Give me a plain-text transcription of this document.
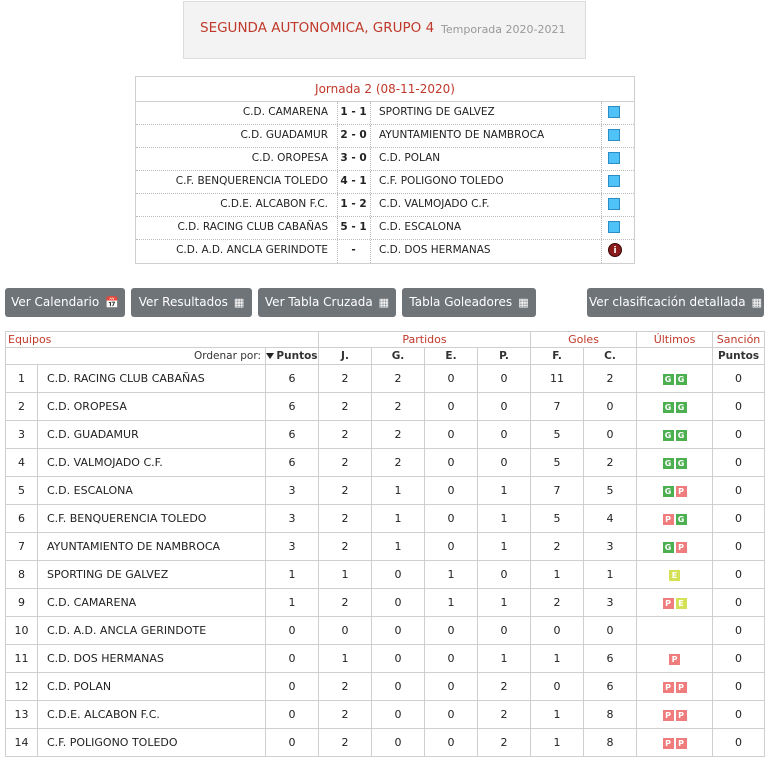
SEGUNDA AUTONOMICA, GRUPO 4 Temporada 2020-2021
Jornada 2 (08-11-2020)
C.D. CAMARENA	1 - 1	SPORTING DE GALVEZ
C.D. GUADAMUR	2 - 0	AYUNTAMIENTO DE NAMBROCA
C.D. OROPESA	3 - 0	C.D. POLAN
C.F. BENQUERENCIA TOLEDO	4 - 1	C.F. POLIGONO TOLEDO
C.D.E. ALCABON F.C.	1 - 2	C.D. VALMOJADO C.F.
C.D. RACING CLUB CABAÑAS	5 - 1	C.D. ESCALONA
C.D. A.D. ANCLA GERINDOTE	-	C.D. DOS HERMANAS	i
Ver Calendario 📅	Ver Resultados ▦	Ver Tabla Cruzada ▦	Tabla Goleadores ▦	Ver clasificación detallada ▦
Equipos			Partidos				Goles		Últimos	Sanción
Ordenar por:		Puntos	J.	G.	E.	P.	F.	C.		Puntos
1	C.D. RACING CLUB CABAÑAS	6	2	2	0	0	11	2	G G	0
2	C.D. OROPESA	6	2	2	0	0	7	0	G G	0
3	C.D. GUADAMUR	6	2	2	0	0	5	0	G G	0
4	C.D. VALMOJADO C.F.	6	2	2	0	0	5	2	G G	0
5	C.D. ESCALONA	3	2	1	0	1	7	5	G P	0
6	C.F. BENQUERENCIA TOLEDO	3	2	1	0	1	5	4	P G	0
7	AYUNTAMIENTO DE NAMBROCA	3	2	1	0	1	2	3	G P	0
8	SPORTING DE GALVEZ	1	1	0	1	0	1	1	E	0
9	C.D. CAMARENA	1	2	0	1	1	2	3	P E	0
10	C.D. A.D. ANCLA GERINDOTE	0	0	0	0	0	0	0		0
11	C.D. DOS HERMANAS	0	1	0	0	1	1	6	P	0
12	C.D. POLAN	0	2	0	0	2	0	6	P P	0
13	C.D.E. ALCABON F.C.	0	2	0	0	2	1	8	P P	0
14	C.F. POLIGONO TOLEDO	0	2	0	0	2	1	8	P P	0
